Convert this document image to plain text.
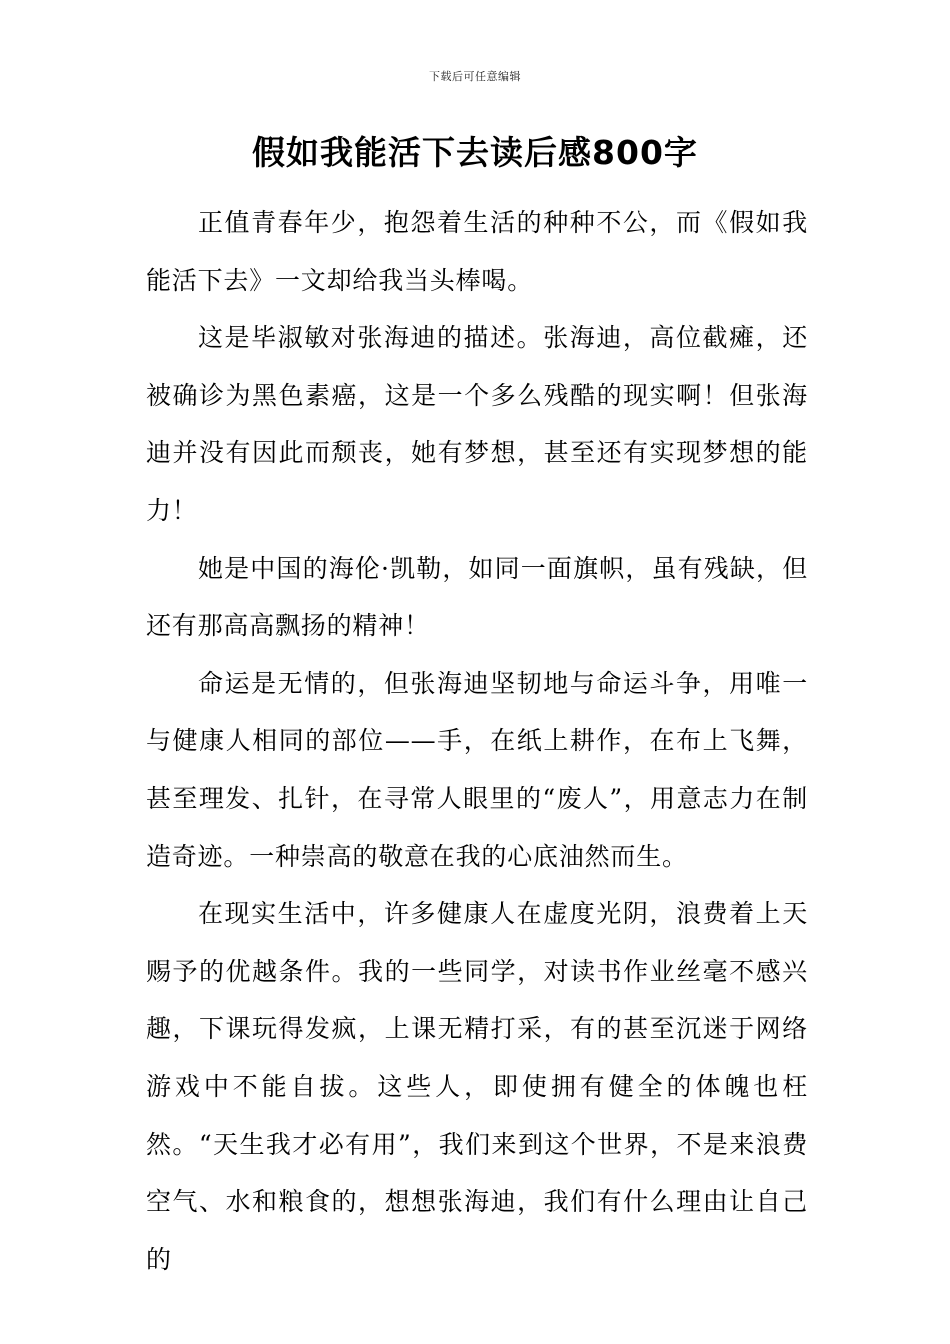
下载后可任意编辑
假如我能活下去读后感800字

正值青春年少，抱怨着生活的种种不公，而《假如我能活下去》一文却给我当头棒喝。

这是毕淑敏对张海迪的描述。张海迪，高位截瘫，还被确诊为黑色素癌，这是一个多么残酷的现实啊！但张海迪并没有因此而颓丧，她有梦想，甚至还有实现梦想的能力！

她是中国的海伦·凯勒，如同一面旗帜，虽有残缺，但还有那高高飘扬的精神！

命运是无情的，但张海迪坚韧地与命运斗争，用唯一与健康人相同的部位——手，在纸上耕作，在布上飞舞，甚至理发、扎针，在寻常人眼里的“废人”，用意志力在制造奇迹。一种崇高的敬意在我的心底油然而生。

在现实生活中，许多健康人在虚度光阴，浪费着上天赐予的优越条件。我的一些同学，对读书作业丝毫不感兴趣，下课玩得发疯，上课无精打采，有的甚至沉迷于网络游戏中不能自拔。这些人，即使拥有健全的体魄也枉然。“天生我才必有用”，我们来到这个世界，不是来浪费空气、水和粮食的，想想张海迪，我们有什么理由让自己的
